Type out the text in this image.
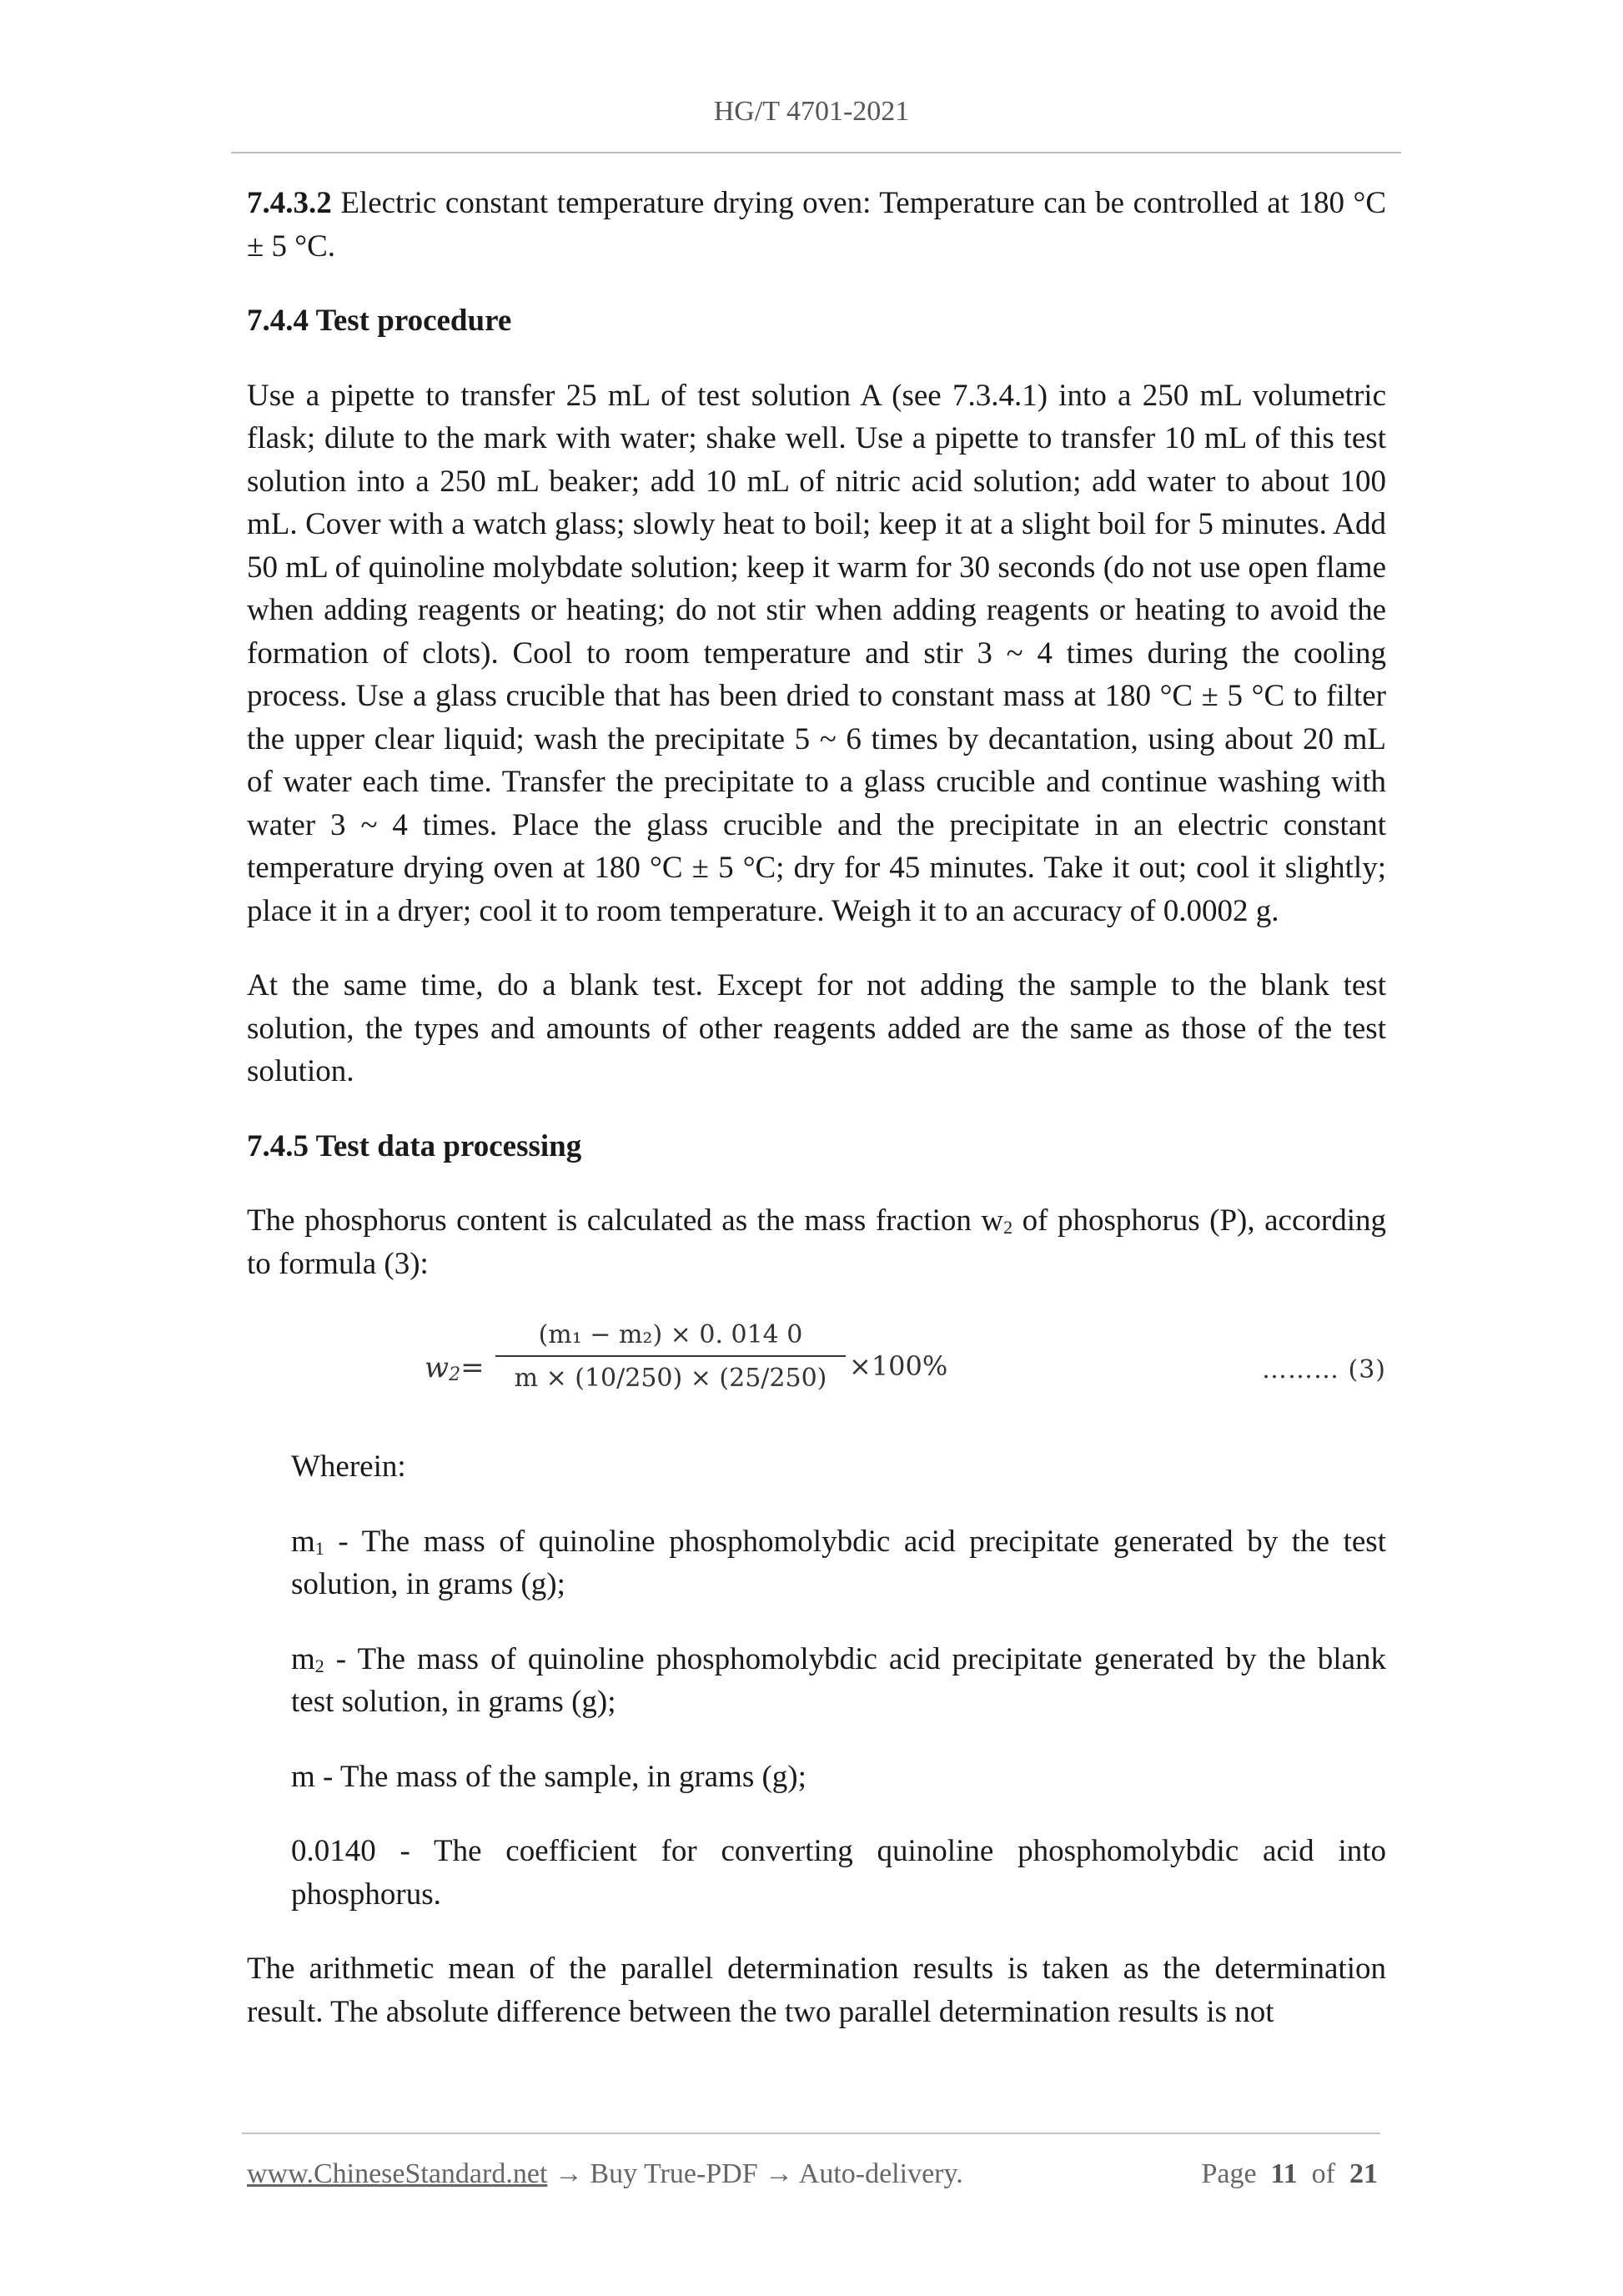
HG/T 4701-2021

7.4.3.2 Electric constant temperature drying oven: Temperature can be controlled at 180 °C ± 5 °C.

7.4.4 Test procedure

Use a pipette to transfer 25 mL of test solution A (see 7.3.4.1) into a 250 mL volumetric flask; dilute to the mark with water; shake well. Use a pipette to transfer 10 mL of this test solution into a 250 mL beaker; add 10 mL of nitric acid solution; add water to about 100 mL. Cover with a watch glass; slowly heat to boil; keep it at a slight boil for 5 minutes. Add 50 mL of quinoline molybdate solution; keep it warm for 30 seconds (do not use open flame when adding reagents or heating; do not stir when adding reagents or heating to avoid the formation of clots). Cool to room temperature and stir 3 ~ 4 times during the cooling process. Use a glass crucible that has been dried to constant mass at 180 °C ± 5 °C to filter the upper clear liquid; wash the precipitate 5 ~ 6 times by decantation, using about 20 mL of water each time. Transfer the precipitate to a glass crucible and continue washing with water 3 ~ 4 times. Place the glass crucible and the precipitate in an electric constant temperature drying oven at 180 °C ± 5 °C; dry for 45 minutes. Take it out; cool it slightly; place it in a dryer; cool it to room temperature. Weigh it to an accuracy of 0.0002 g.

At the same time, do a blank test. Except for not adding the sample to the blank test solution, the types and amounts of other reagents added are the same as those of the test solution.

7.4.5 Test data processing

The phosphorus content is calculated as the mass fraction $w_2$ of phosphorus (P), according to formula (3):

$w_2=$
(m₁ − m₂) × 0. 014 0
m × (10/250) × (25/250) ×100%	……… (3)

Wherein:

$m_1$ - The mass of quinoline phosphomolybdic acid precipitate generated by the test solution, in grams (g);

$m_2$ - The mass of quinoline phosphomolybdic acid precipitate generated by the blank test solution, in grams (g);

m - The mass of the sample, in grams (g);

0.0140 - The coefficient for converting quinoline phosphomolybdic acid into phosphorus.

The arithmetic mean of the parallel determination results is taken as the determination result. The absolute difference between the two parallel determination results is not

www.ChineseStandard.net → Buy True-PDF → Auto-delivery.	Page 11 of 21
